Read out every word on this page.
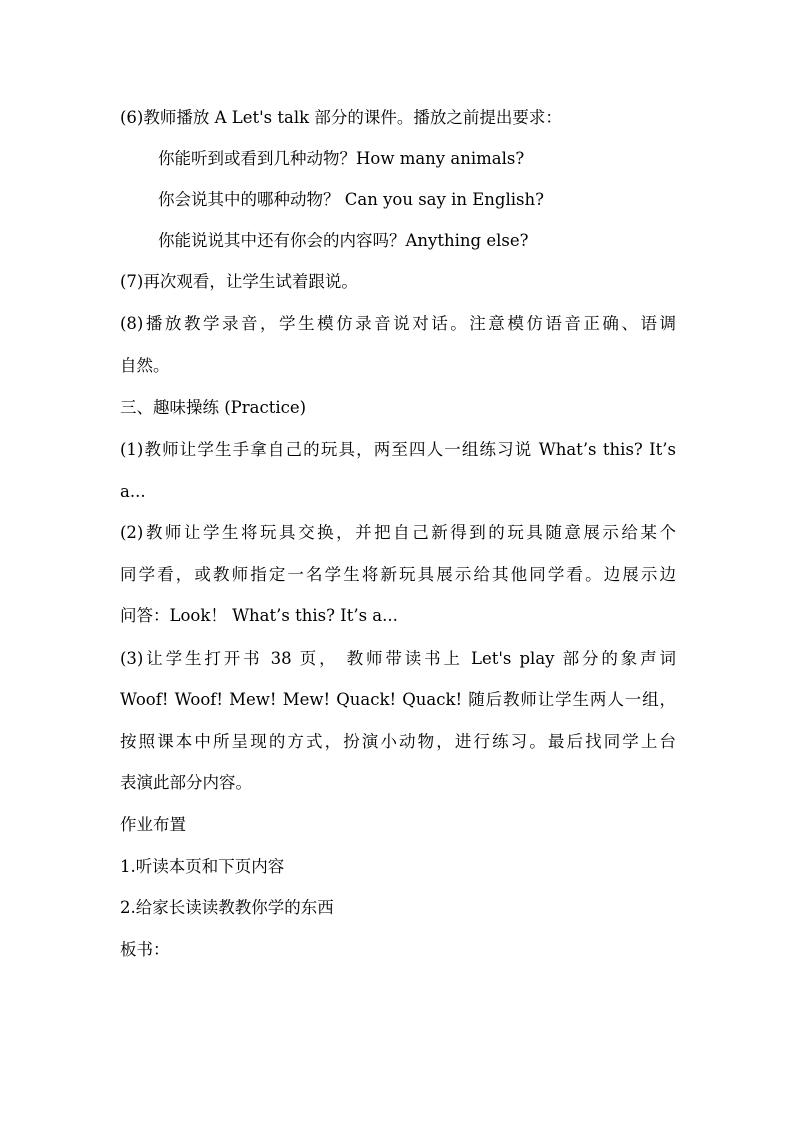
(6)教师播放 A Let's talk 部分的课件。播放之前提出要求：
你能听到或看到几种动物？How many animals?
你会说其中的哪种动物？ Can you say in English?
你能说说其中还有你会的内容吗？Anything else?
(7)再次观看，让学生试着跟说。
(8)播放教学录音，学生模仿录音说对话。注意模仿语音正确、语调
自然。
三、趣味操练 (Practice)
(1)教师让学生手拿自己的玩具，两至四人一组练习说 What’s this? It’s
a...
(2)教师让学生将玩具交换，并把自己新得到的玩具随意展示给某个
同学看，或教师指定一名学生将新玩具展示给其他同学看。边展示边
问答：Look！ What’s this? It’s a...
(3)让学生打开书 38 页， 教师带读书上 Let's play 部分的象声词
Woof! Woof! Mew! Mew! Quack! Quack! 随后教师让学生两人一组，
按照课本中所呈现的方式，扮演小动物，进行练习。最后找同学上台
表演此部分内容。
作业布置
1.听读本页和下页内容
2.给家长读读教教你学的东西
板书：
